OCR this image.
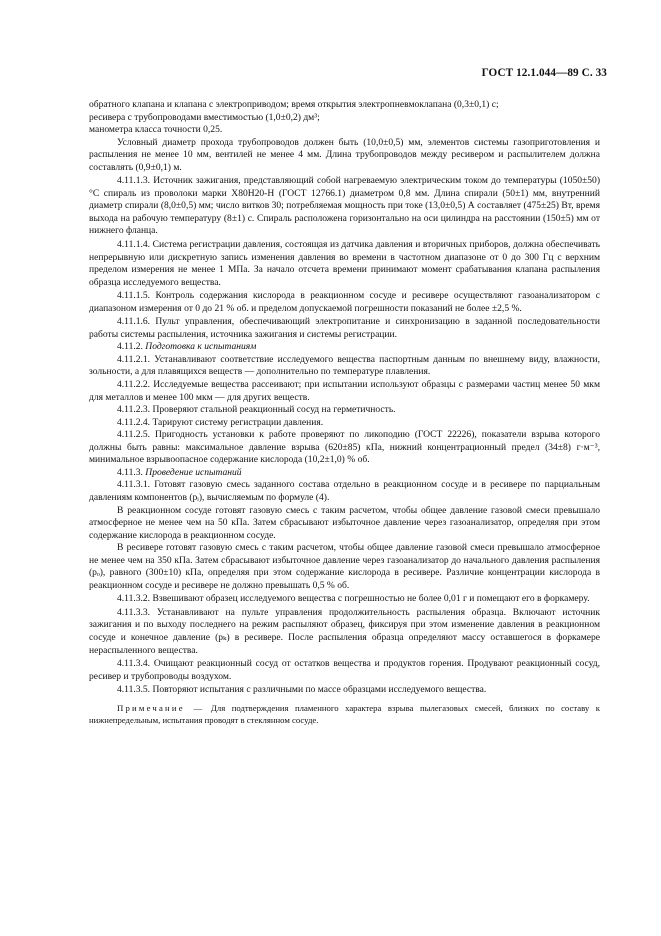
ГОСТ 12.1.044—89 С. 33

обратного клапана и клапана с электроприводом; время открытия электропневмоклапана (0,3±0,1) с;

ресивера с трубопроводами вместимостью (1,0±0,2) дм³;

манометра класса точности 0,25.

Условный диаметр прохода трубопроводов должен быть (10,0±0,5) мм, элементов системы газоприготовления и распыления не менее 10 мм, вентилей не менее 4 мм. Длина трубопроводов между ресивером и распылителем должна составлять (0,9±0,1) м.

4.11.1.3. Источник зажигания, представляющий собой нагреваемую электрическим током до температуры (1050±50) °С спираль из проволоки марки Х80Н20-Н (ГОСТ 12766.1) диаметром 0,8 мм. Длина спирали (50±1) мм, внутренний диаметр спирали (8,0±0,5) мм; число витков 30; потребляемая мощность при токе (13,0±0,5) А составляет (475±25) Вт, время выхода на рабочую температуру (8±1) с. Спираль расположена горизонтально на оси цилиндра на расстоянии (150±5) мм от нижнего фланца.

4.11.1.4. Система регистрации давления, состоящая из датчика давления и вторичных приборов, должна обеспечивать непрерывную или дискретную запись изменения давления во времени в частотном диапазоне от 0 до 300 Гц с верхним пределом измерения не менее 1 МПа. За начало отсчета времени принимают момент срабатывания клапана распыления образца исследуемого вещества.

4.11.1.5. Контроль содержания кислорода в реакционном сосуде и ресивере осуществляют газоанализатором с диапазоном измерения от 0 до 21 % об. и пределом допускаемой погрешности показаний не более ±2,5 %.

4.11.1.6. Пульт управления, обеспечивающий электропитание и синхронизацию в заданной последовательности работы системы распыления, источника зажигания и системы регистрации.

4.11.2. Подготовка к испытаниям

4.11.2.1. Устанавливают соответствие исследуемого вещества паспортным данным по внешнему виду, влажности, зольности, а для плавящихся веществ — дополнительно по температуре плавления.

4.11.2.2. Исследуемые вещества рассеивают; при испытании используют образцы с размерами частиц менее 50 мкм для металлов и менее 100 мкм — для других веществ.

4.11.2.3. Проверяют стальной реакционный сосуд на герметичность.

4.11.2.4. Тарируют систему регистрации давления.

4.11.2.5. Пригодность установки к работе проверяют по ликоподию (ГОСТ 22226), показатели взрыва которого должны быть равны: максимальное давление взрыва (620±85) кПа, нижний концентрационный предел (34±8) г·м⁻³, минимальное взрывоопасное содержание кислорода (10,2±1,0) % об.

4.11.3. Проведение испытаний

4.11.3.1. Готовят газовую смесь заданного состава отдельно в реакционном сосуде и в ресивере по парциальным давлениям компонентов (рᵢ), вычисляемым по формуле (4).

В реакционном сосуде готовят газовую смесь с таким расчетом, чтобы общее давление газовой смеси превышало атмосферное не менее чем на 50 кПа. Затем сбрасывают избыточное давление через газоанализатор, определяя при этом содержание кислорода в реакционном сосуде.

В ресивере готовят газовую смесь с таким расчетом, чтобы общее давление газовой смеси превышало атмосферное не менее чем на 350 кПа. Затем сбрасывают избыточное давление через газоанализатор до начального давления распыления (рₒ), равного (300±10) кПа, определяя при этом содержание кислорода в ресивере. Различие концентрации кислорода в реакционном сосуде и ресивере не должно превышать 0,5 % об.

4.11.3.2. Взвешивают образец исследуемого вещества с погрешностью не более 0,01 г и помещают его в форкамеру.

4.11.3.3. Устанавливают на пульте управления продолжительность распыления образца. Включают источник зажигания и по выходу последнего на режим распыляют образец, фиксируя при этом изменение давления в реакционном сосуде и конечное давление (рₖ) в ресивере. После распыления образца определяют массу оставшегося в форкамере нераспыленного вещества.

4.11.3.4. Очищают реакционный сосуд от остатков вещества и продуктов горения. Продувают реакционный сосуд, ресивер и трубопроводы воздухом.

4.11.3.5. Повторяют испытания с различными по массе образцами исследуемого вещества.

Примечание — Для подтверждения пламенного характера взрыва пылегазовых смесей, близких по составу к нижнепредельным, испытания проводят в стеклянном сосуде.
